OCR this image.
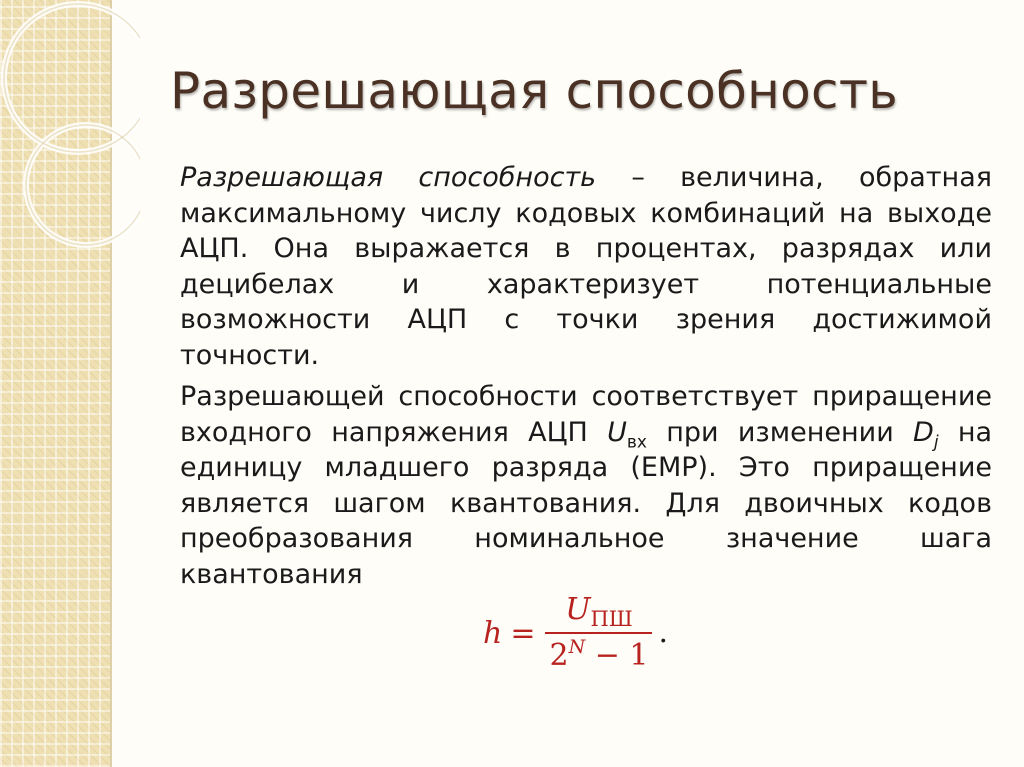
Разрешающая способность

Разрешающая способность – величина, обратная максимальному числу кодовых комбинаций на выходе АЦП. Она выражается в процентах, разрядах или децибелах и характеризует потенциальные возможности АЦП с точки зрения достижимой точности.

Разрешающей способности соответствует приращение входного напряжения АЦП $U_{вх}$ при изменении $D_j$ на единицу младшего разряда (ЕМР). Это приращение является шагом квантования. Для двоичных кодов преобразования номинальное значение шага квантования

$h = \frac{U_{ПШ}}{2^N - 1}$ .
